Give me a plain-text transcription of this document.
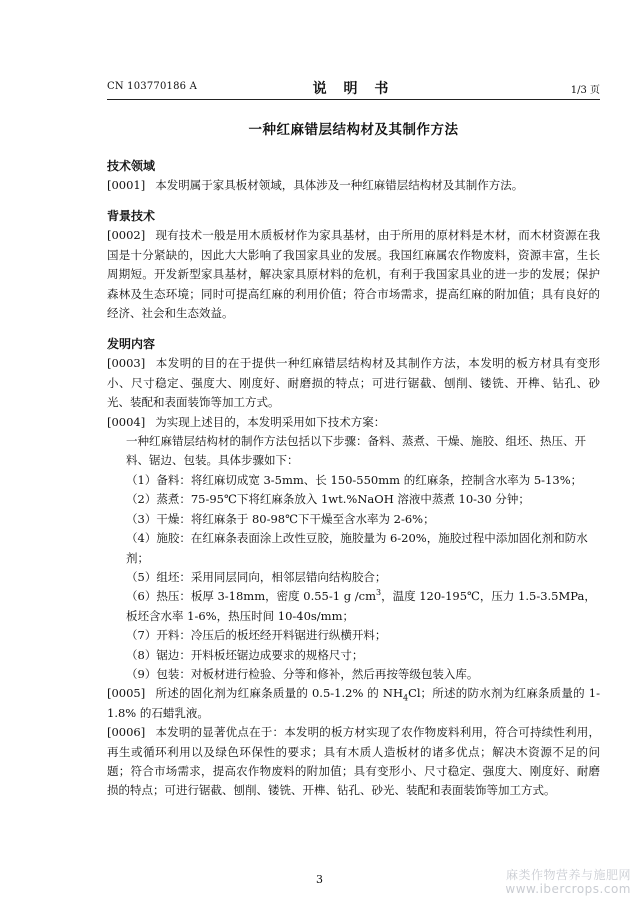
CN 103770186 A	说 明 书	1/3 页
一种红麻错层结构材及其制作方法
技术领域
[0001] 本发明属于家具板材领域，具体涉及一种红麻错层结构材及其制作方法。
背景技术
[0002] 现有技术一般是用木质板材作为家具基材，由于所用的原材料是木材，而木材资源在我国是十分紧缺的，因此大大影响了我国家具业的发展。我国红麻属农作物废料，资源丰富，生长周期短。开发新型家具基材，解决家具原材料的危机，有利于我国家具业的进一步的发展；保护森林及生态环境；同时可提高红麻的利用价值；符合市场需求，提高红麻的附加值；具有良好的经济、社会和生态效益。
发明内容
[0003] 本发明的目的在于提供一种红麻错层结构材及其制作方法，本发明的板方材具有变形小、尺寸稳定、强度大、刚度好、耐磨损的特点；可进行锯截、刨削、镂铣、开榫、钻孔、砂光、装配和表面装饰等加工方式。
[0004] 为实现上述目的，本发明采用如下技术方案：
一种红麻错层结构材的制作方法包括以下步骤：备料、蒸煮、干燥、施胶、组坯、热压、开料、锯边、包装。具体步骤如下：
（1）备料：将红麻切成宽 3-5mm、长 150-550mm 的红麻条，控制含水率为 5-13%；
（2）蒸煮：75-95℃下将红麻条放入 1wt.%NaOH 溶液中蒸煮 10-30 分钟；
（3）干燥：将红麻条于 80-98℃下干燥至含水率为 2-6%；
（4）施胶：在红麻条表面涂上改性豆胶，施胶量为 6-20%，施胶过程中添加固化剂和防水剂；
（5）组坯：采用同层同向，相邻层错向结构胶合；
（6）热压：板厚 3-18mm，密度 0.55-1 g $/cm^3$，温度 120-195℃，压力 1.5-3.5MPa，板坯含水率 1-6%，热压时间 10-40s/mm；
（7）开料：冷压后的板坯经开料锯进行纵横开料；
（8）锯边：开料板坯锯边成要求的规格尺寸；
（9）包装：对板材进行检验、分等和修补，然后再按等级包装入库。
[0005] 所述的固化剂为红麻条质量的 0.5-1.2% 的 $NH_4Cl$；所述的防水剂为红麻条质量的 1-1.8% 的石蜡乳液。
[0006] 本发明的显著优点在于：本发明的板方材实现了农作物废料利用，符合可持续性利用，再生或循环利用以及绿色环保性的要求；具有木质人造板材的诸多优点；解决木资源不足的问题；符合市场需求，提高农作物废料的附加值；具有变形小、尺寸稳定、强度大、刚度好、耐磨损的特点；可进行锯截、刨削、镂铣、开榫、钻孔、砂光、装配和表面装饰等加工方式。
3	麻类作物营养与施肥网
www.ibercrops.com
